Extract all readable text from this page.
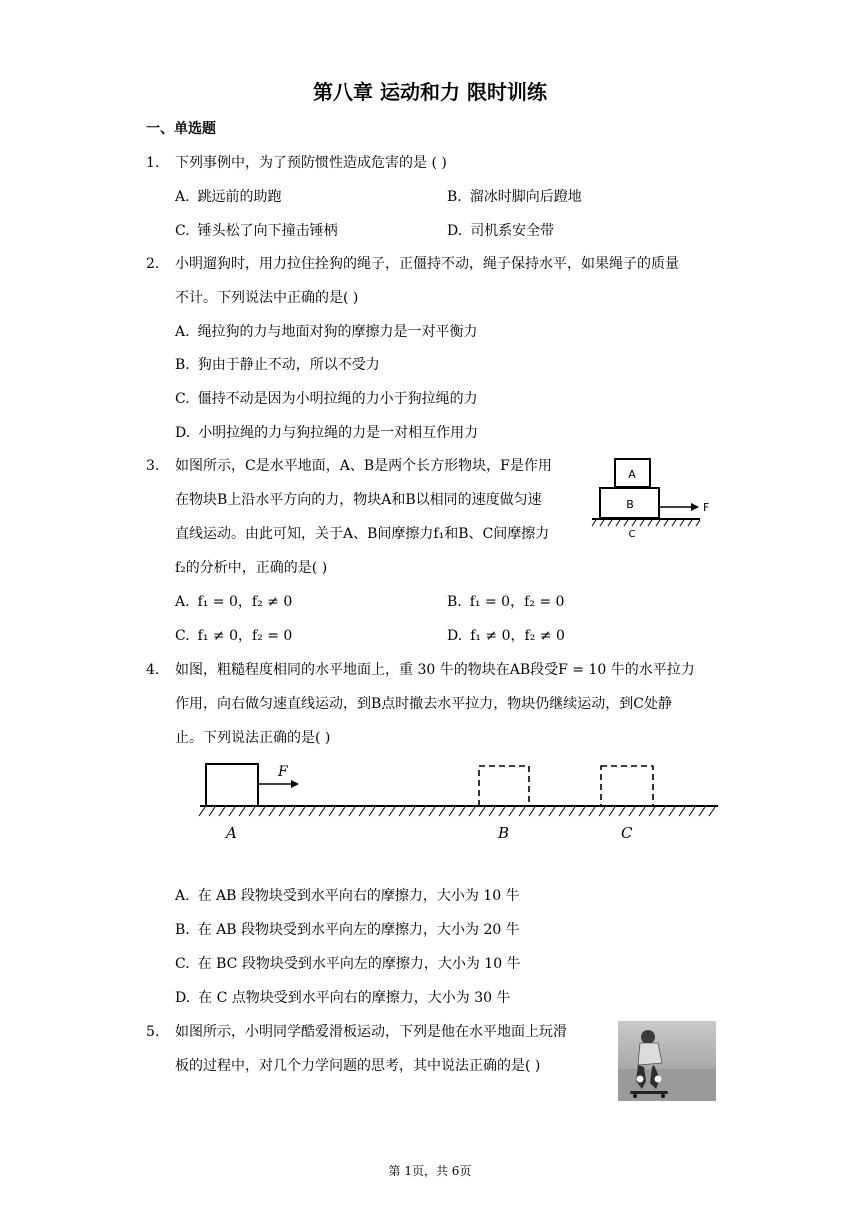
第八章 运动和力 限时训练
一、单选题
1. 下列事例中，为了预防惯性造成危害的是 ( )
A. 跳远前的助跑	B. 溜冰时脚向后蹬地
C. 锤头松了向下撞击锤柄	D. 司机系安全带
2. 小明遛狗时，用力拉住拴狗的绳子，正僵持不动，绳子保持水平，如果绳子的质量
不计。下列说法中正确的是( )
A. 绳拉狗的力与地面对狗的摩擦力是一对平衡力
B. 狗由于静止不动，所以不受力
C. 僵持不动是因为小明拉绳的力小于狗拉绳的力
D. 小明拉绳的力与狗拉绳的力是一对相互作用力
3. 如图所示，C是水平地面，A、B是两个长方形物块，F是作用
在物块B上沿水平方向的力，物块A和B以相同的速度做匀速
直线运动。由此可知，关于A、B间摩擦力f₁和B、C间摩擦力
f₂的分析中，正确的是( )
A. f₁ = 0，f₂ ≠ 0	B. f₁ = 0，f₂ = 0
C. f₁ ≠ 0，f₂ = 0	D. f₁ ≠ 0，f₂ ≠ 0
A
B	F
C
4. 如图，粗糙程度相同的水平地面上，重 30 牛的物块在AB段受F = 10 牛的水平拉力
作用，向右做匀速直线运动，到B点时撤去水平拉力，物块仍继续运动，到C处静
止。下列说法正确的是( )
F
A	B	C
A. 在 AB 段物块受到水平向右的摩擦力，大小为 10 牛
B. 在 AB 段物块受到水平向左的摩擦力，大小为 20 牛
C. 在 BC 段物块受到水平向左的摩擦力，大小为 10 牛
D. 在 C 点物块受到水平向右的摩擦力，大小为 30 牛
5. 如图所示，小明同学酷爱滑板运动，下列是他在水平地面上玩滑
板的过程中，对几个力学问题的思考，其中说法正确的是( )
第 1页，共 6页
